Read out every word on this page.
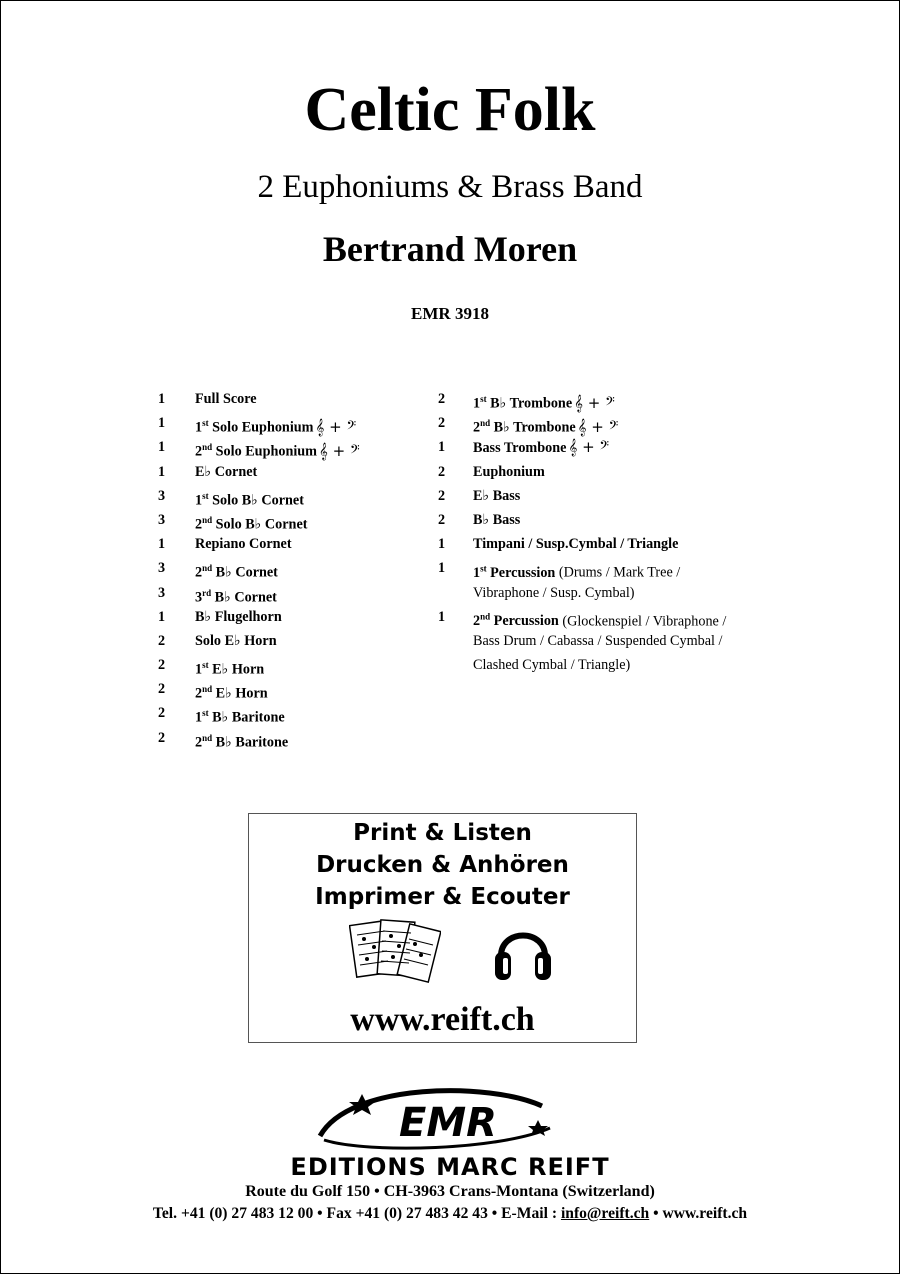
Celtic Folk
2 Euphoniums & Brass Band
Bertrand Moren
EMR 3918
1	Full Score
1	1st Solo Euphonium 𝄞 + 𝄢
1	2nd Solo Euphonium 𝄞 + 𝄢
1	E♭ Cornet
3	1st Solo B♭ Cornet
3	2nd Solo B♭ Cornet
1	Repiano Cornet
3	2nd B♭ Cornet
3	3rd B♭ Cornet
1	B♭ Flugelhorn
2	Solo E♭ Horn
2	1st E♭ Horn
2	2nd E♭ Horn
2	1st B♭ Baritone
2	2nd B♭ Baritone
2	1st B♭ Trombone 𝄞 + 𝄢
2	2nd B♭ Trombone 𝄞 + 𝄢
1	Bass Trombone 𝄞 + 𝄢
2	Euphonium
2	E♭ Bass
2	B♭ Bass
1	Timpani / Susp.Cymbal / Triangle
1	1st Percussion (Drums / Mark Tree /
Vibraphone / Susp. Cymbal)
1	2nd Percussion (Glockenspiel / Vibraphone /
Bass Drum / Cabassa / Suspended Cymbal /
Clashed Cymbal / Triangle)
Print & Listen
Drucken & Anhören
Imprimer & Ecouter
www.reift.ch
EMR
EDITIONS MARC REIFT
Route du Golf 150 • CH-3963 Crans-Montana (Switzerland)
Tel. +41 (0) 27 483 12 00 • Fax +41 (0) 27 483 42 43 • E-Mail : info@reift.ch • www.reift.ch
